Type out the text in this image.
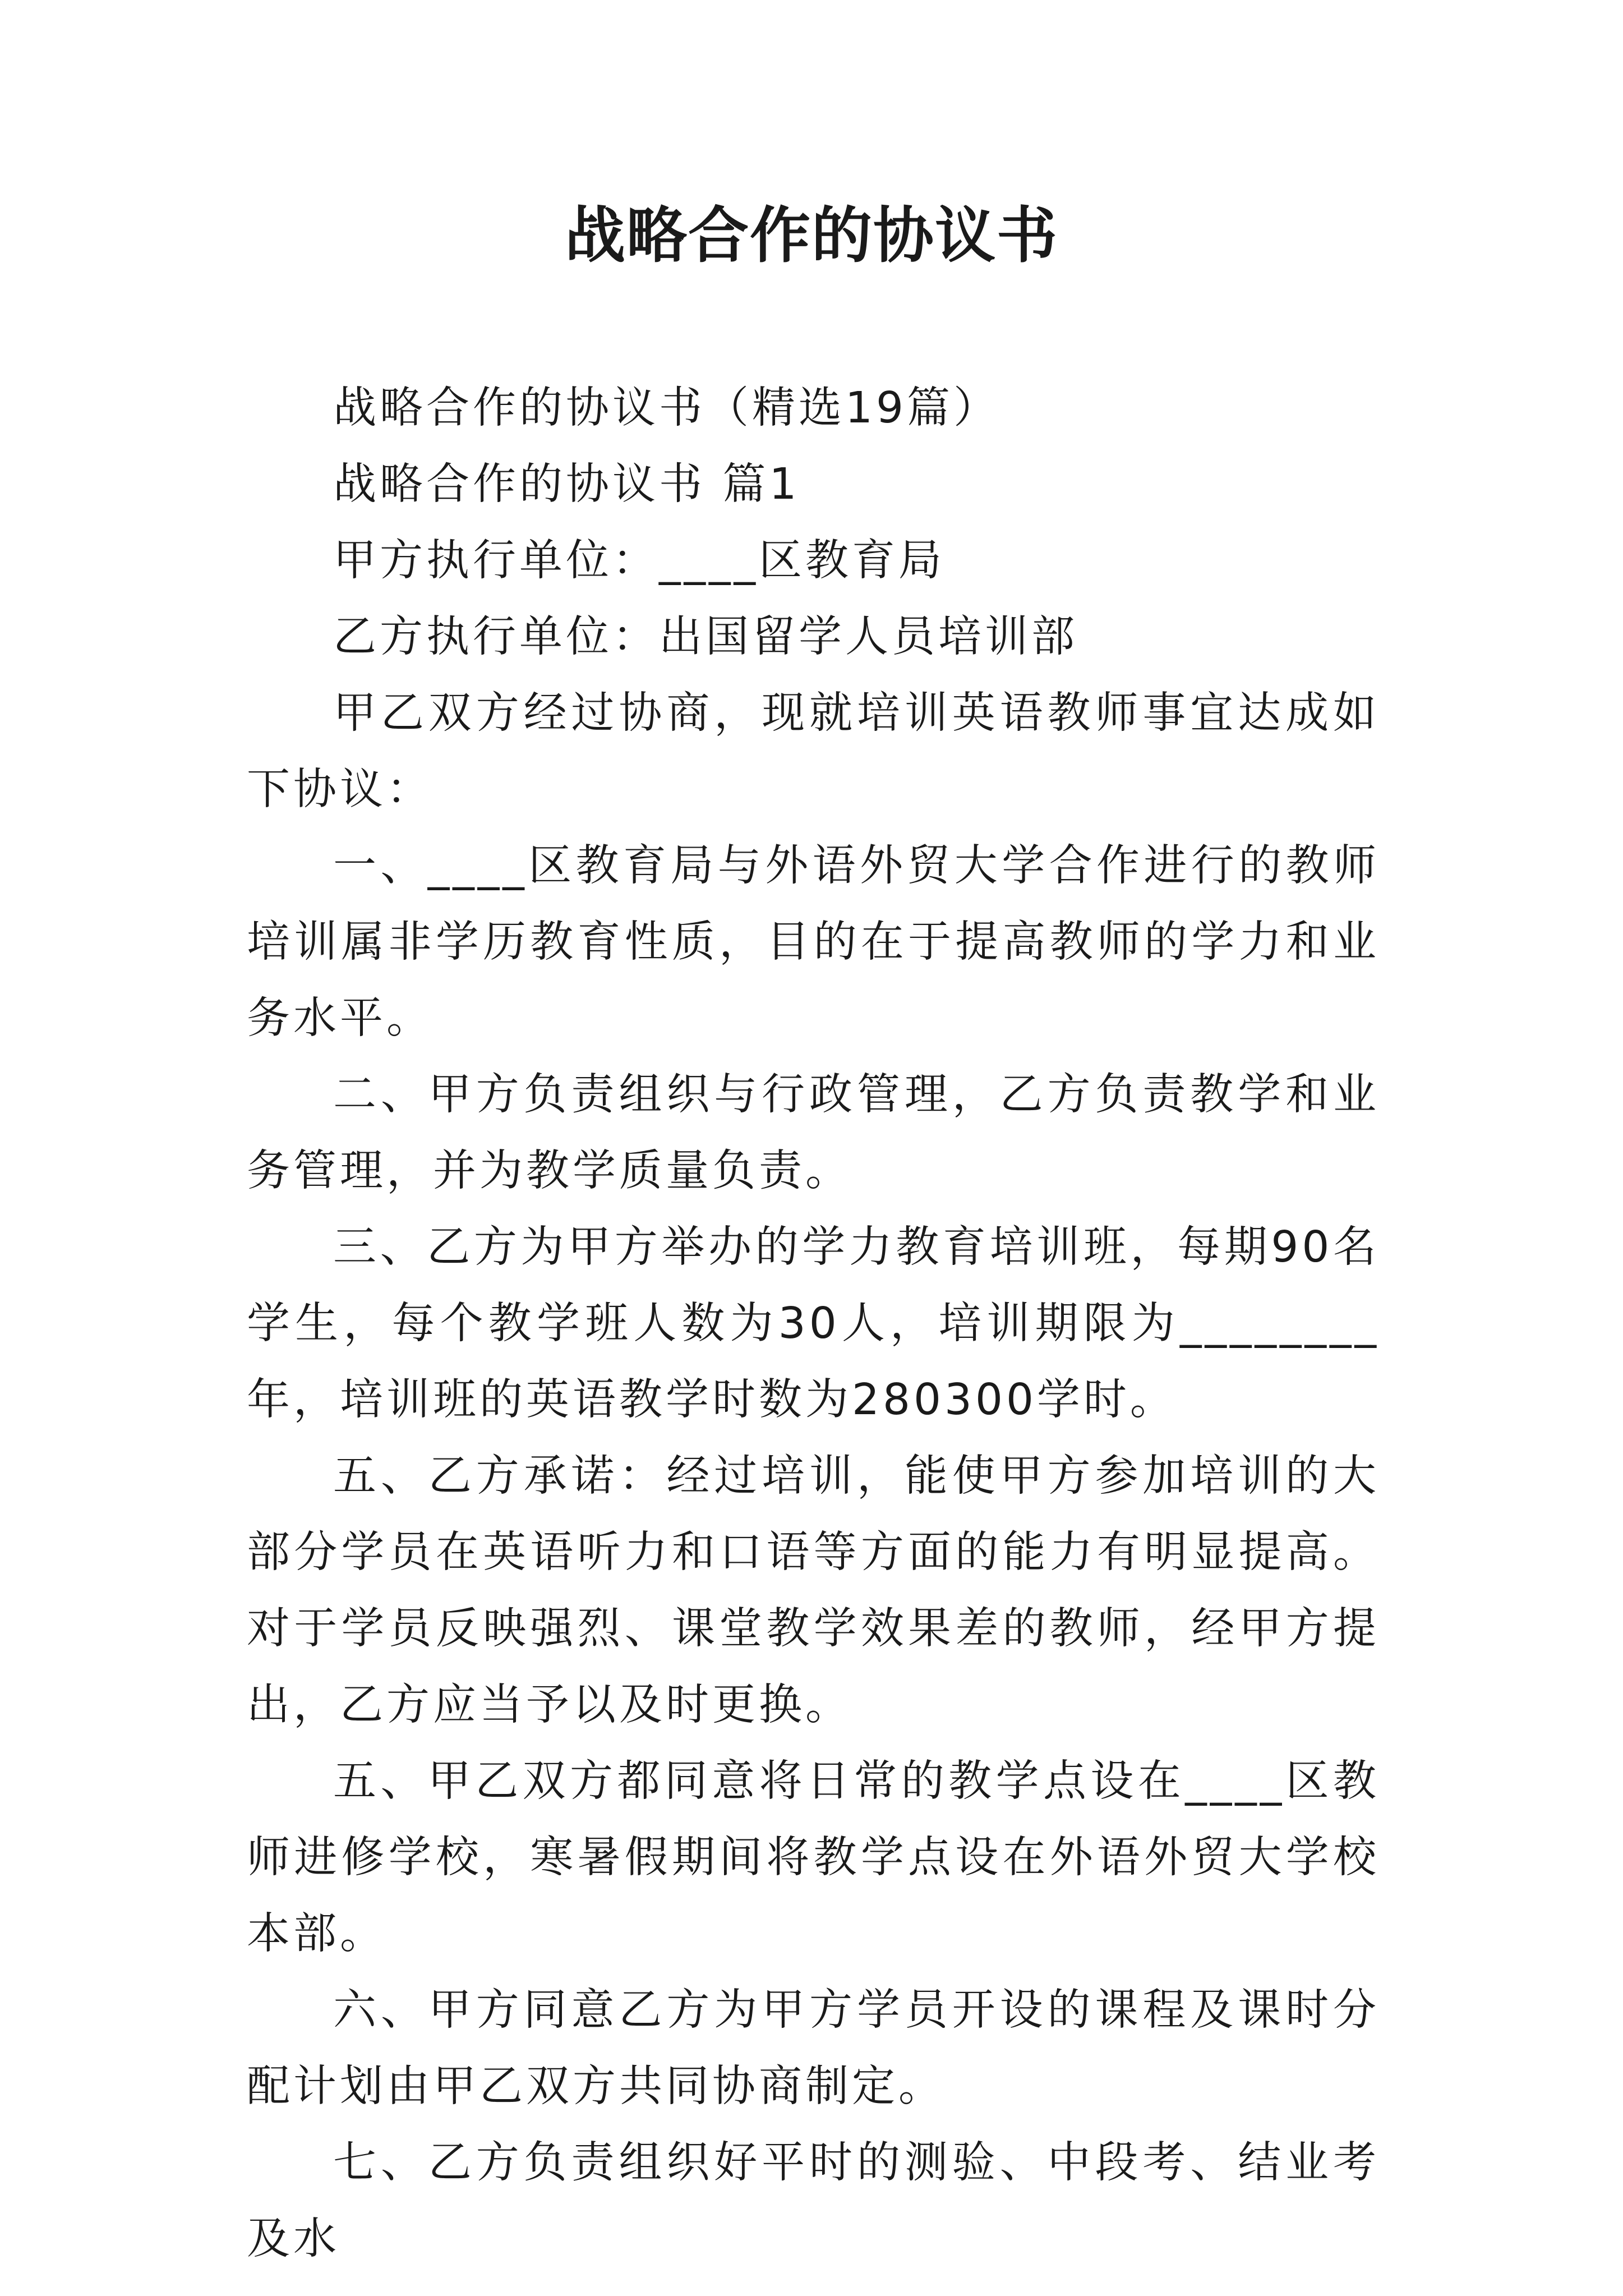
战略合作的协议书

战略合作的协议书（精选19篇）

战略合作的协议书 篇1

甲方执行单位：____区教育局

乙方执行单位：出国留学人员培训部

甲乙双方经过协商，现就培训英语教师事宜达成如下协议：

一、____区教育局与外语外贸大学合作进行的教师培训属非学历教育性质，目的在于提高教师的学力和业务水平。

二、甲方负责组织与行政管理，乙方负责教学和业务管理，并为教学质量负责。

三、乙方为甲方举办的学力教育培训班，每期90名学生，每个教学班人数为30人，培训期限为________年，培训班的英语教学时数为280300学时。

五、乙方承诺：经过培训，能使甲方参加培训的大部分学员在英语听力和口语等方面的能力有明显提高。对于学员反映强烈、课堂教学效果差的教师，经甲方提出，乙方应当予以及时更换。

五、甲乙双方都同意将日常的教学点设在____区教师进修学校，寒暑假期间将教学点设在外语外贸大学校本部。

六、甲方同意乙方为甲方学员开设的课程及课时分配计划由甲乙双方共同协商制定。

七、乙方负责组织好平时的测验、中段考、结业考及水
